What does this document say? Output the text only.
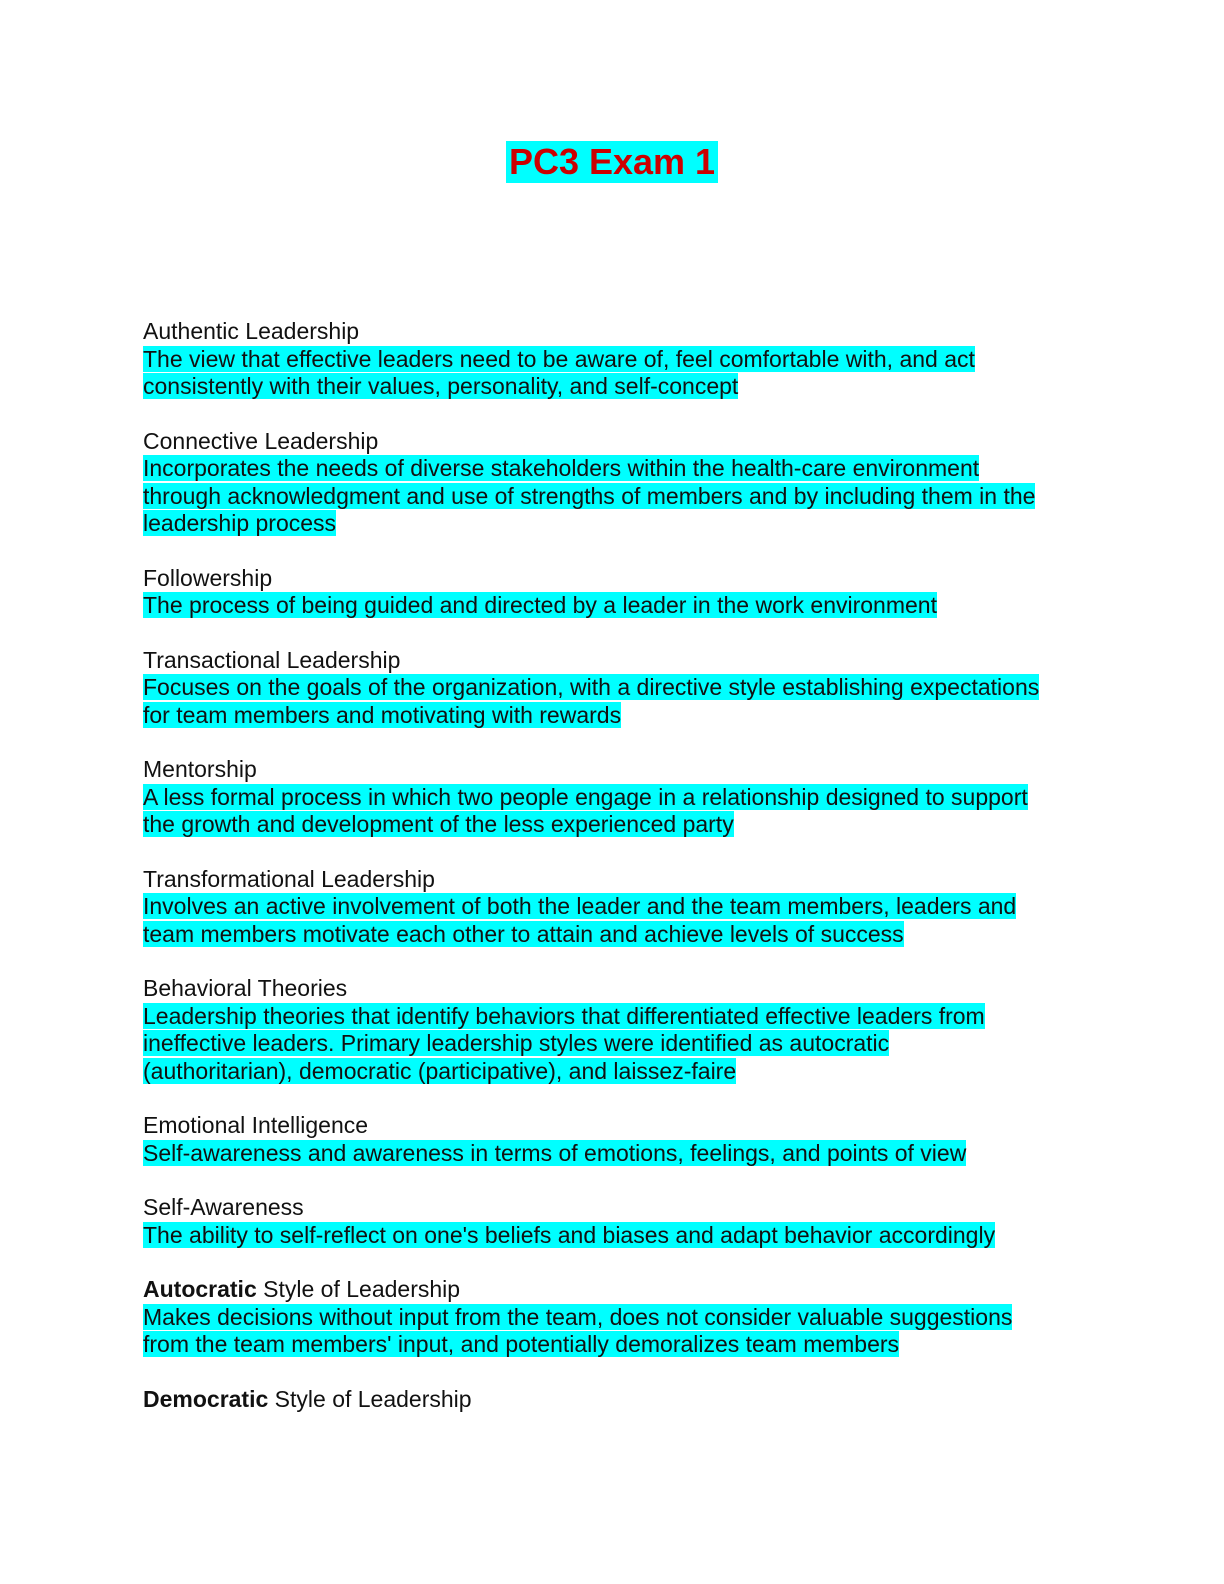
PC3 Exam 1
Authentic Leadership
The view that effective leaders need to be aware of, feel comfortable with, and act
consistently with their values, personality, and self-concept
Connective Leadership
Incorporates the needs of diverse stakeholders within the health-care environment
through acknowledgment and use of strengths of members and by including them in the
leadership process
Followership
The process of being guided and directed by a leader in the work environment
Transactional Leadership
Focuses on the goals of the organization, with a directive style establishing expectations
for team members and motivating with rewards
Mentorship
A less formal process in which two people engage in a relationship designed to support
the growth and development of the less experienced party
Transformational Leadership
Involves an active involvement of both the leader and the team members, leaders and
team members motivate each other to attain and achieve levels of success
Behavioral Theories
Leadership theories that identify behaviors that differentiated effective leaders from
ineffective leaders. Primary leadership styles were identified as autocratic
(authoritarian), democratic (participative), and laissez-faire
Emotional Intelligence
Self-awareness and awareness in terms of emotions, feelings, and points of view
Self-Awareness
The ability to self-reflect on one's beliefs and biases and adapt behavior accordingly
Autocratic Style of Leadership
Makes decisions without input from the team, does not consider valuable suggestions
from the team members' input, and potentially demoralizes team members
Democratic Style of Leadership
